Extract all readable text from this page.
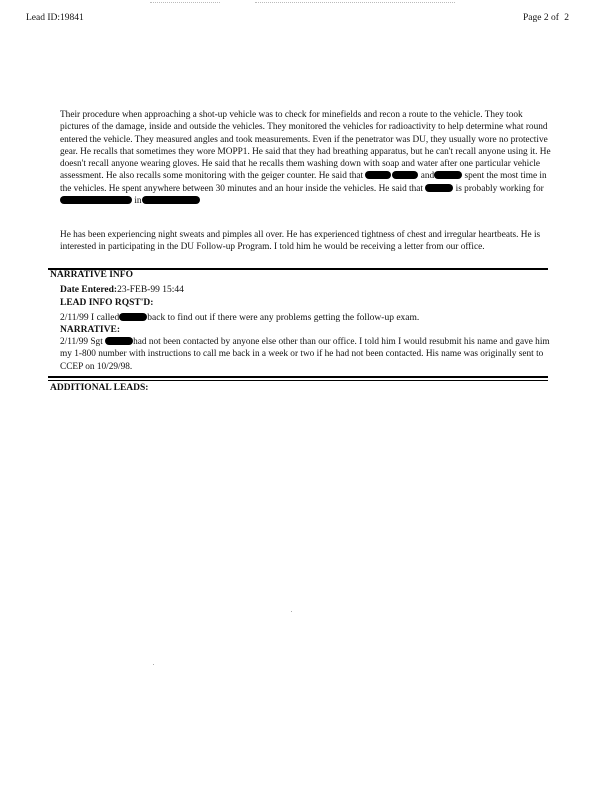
Lead ID:19841	Page 2 of 2

Their procedure when approaching a shot-up vehicle was to check for minefields and recon a route to the vehicle. They took pictures of the damage, inside and outside the vehicles. They monitored the vehicles for radioactivity to help determine what round entered the vehicle. They measured angles and took measurements. Even if the penetrator was DU, they usually wore no protective gear. He recalls that sometimes they wore MOPP1. He said that they had breathing apparatus, but he can't recall anyone using it. He doesn't recall anyone wearing gloves. He said that he recalls them washing down with soap and water after one particular vehicle assessment. He also recalls some monitoring with the geiger counter. He said that	and	spent the most time in the vehicles. He spent anywhere between 30 minutes and an hour inside the vehicles. He said that	is probably working for  in

He has been experiencing night sweats and pimples all over. He has experienced tightness of chest and irregular heartbeats. He is interested in participating in the DU Follow-up Program. I told him he would be receiving a letter from our office.

NARRATIVE INFO
Date Entered:23-FEB-99 15:44
LEAD INFO RQST'D:
2/11/99 I called	back to find out if there were any problems getting the follow-up exam.
NARRATIVE:

2/11/99 Sgt	had not been contacted by anyone else other than our office. I told him I would resubmit his name and gave him my 1-800 number with instructions to call me back in a week or two if he had not been contacted. His name was originally sent to CCEP on 10/29/98.

ADDITIONAL LEADS:
